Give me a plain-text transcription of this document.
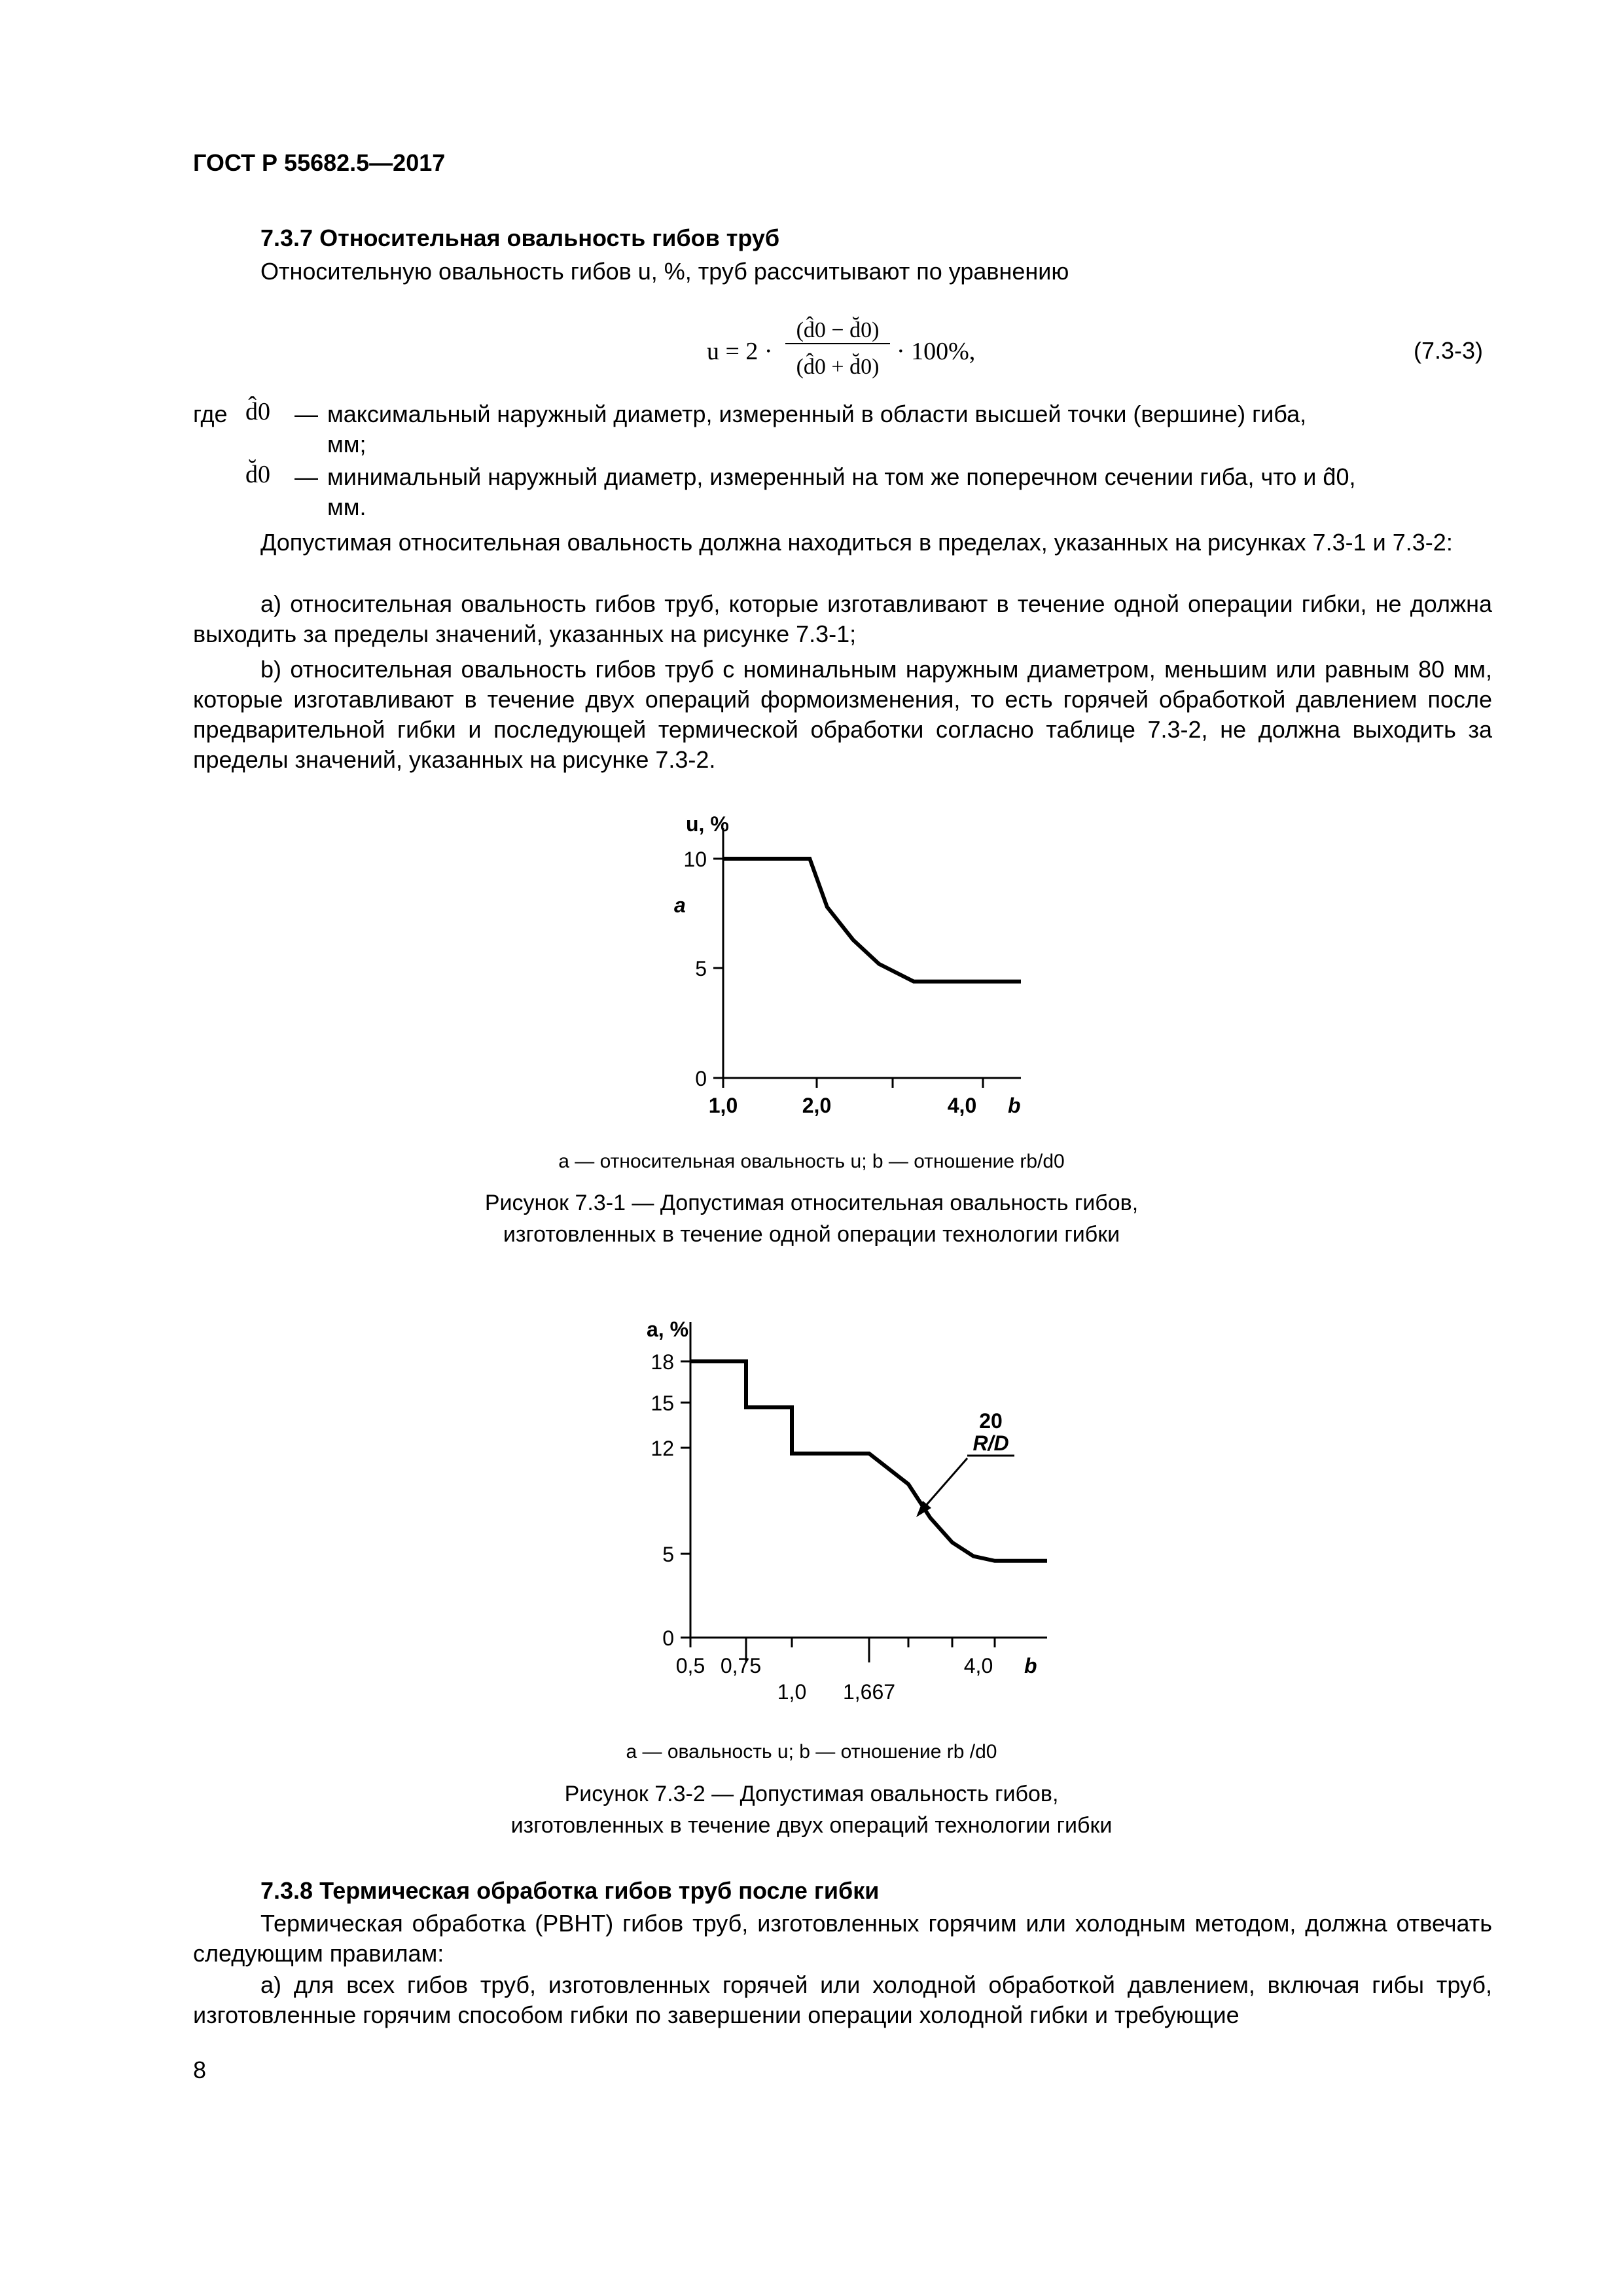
ГОСТ Р 55682.5—2017
7.3.7 Относительная овальность гибов труб
Относительную овальность гибов u, %, труб рассчитывают по уравнению
u = 2 ·
(d̂0 − d̆0)
(d̂0 + d̆0)
· 100%,	(7.3-3)
где d̂0 — максимальный наружный диаметр, измеренный в области высшей точки (вершине) гиба,
мм;
d̆0 — минимальный наружный диаметр, измеренный на том же поперечном сечении гиба, что и d̂0,
мм.
Допустимая относительная овальность должна находиться в пределах, указанных на рисунках 7.3-1 и 7.3-2:
a) относительная овальность гибов труб, которые изготавливают в течение одной операции гибки, не должна выходить за пределы значений, указанных на рисунке 7.3-1;
b) относительная овальность гибов труб с номинальным наружным диаметром, меньшим или равным 80 мм, которые изготавливают в течение двух операций формоизменения, то есть горячей обработкой давлением после предварительной гибки и последующей термической обработки согласно таблице 7.3-2, не должна выходить за пределы значений, указанных на рисунке 7.3-2.
u, %
a
10
5
0
1,0	2,0	4,0 b
a — относительная овальность u; b — отношение rb/d0
Рисунок 7.3-1 — Допустимая относительная овальность гибов,
изготовленных в течение одной операции технологии гибки
20
R/D
a, %
18
15
12
5
0
0,5 0,75
1,0 1,667
4,0 b
a — овальность u; b — отношение rb /d0
Рисунок 7.3-2 — Допустимая овальность гибов,
изготовленных в течение двух операций технологии гибки
7.3.8 Термическая обработка гибов труб после гибки
Термическая обработка (PBHT) гибов труб, изготовленных горячим или холодным методом, должна отвечать следующим правилам:
a) для всех гибов труб, изготовленных горячей или холодной обработкой давлением, включая гибы труб, изготовленные горячим способом гибки по завершении операции холодной гибки и требующие
8
